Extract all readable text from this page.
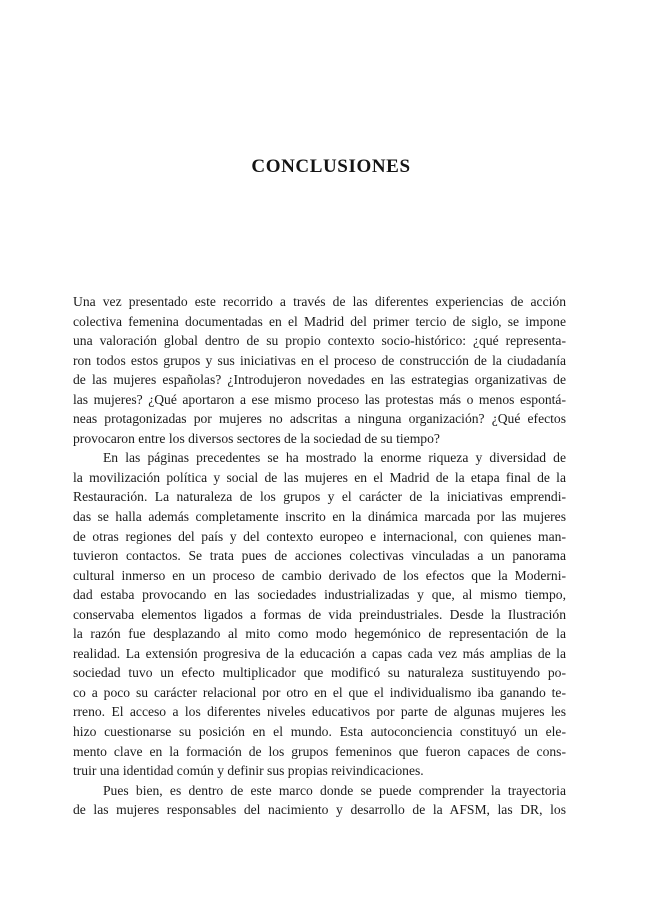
CONCLUSIONES

Una vez presentado este recorrido a través de las diferentes experiencias de acción
colectiva femenina documentadas en el Madrid del primer tercio de siglo, se impone
una valoración global dentro de su propio contexto socio-histórico: ¿qué representa-
ron todos estos grupos y sus iniciativas en el proceso de construcción de la ciudadanía
de las mujeres españolas? ¿Introdujeron novedades en las estrategias organizativas de
las mujeres? ¿Qué aportaron a ese mismo proceso las protestas más o menos espontá-
neas protagonizadas por mujeres no adscritas a ninguna organización? ¿Qué efectos
provocaron entre los diversos sectores de la sociedad de su tiempo?

En las páginas precedentes se ha mostrado la enorme riqueza y diversidad de
la movilización política y social de las mujeres en el Madrid de la etapa final de la
Restauración. La naturaleza de los grupos y el carácter de la iniciativas emprendi-
das se halla además completamente inscrito en la dinámica marcada por las mujeres
de otras regiones del país y del contexto europeo e internacional, con quienes man-
tuvieron contactos. Se trata pues de acciones colectivas vinculadas a un panorama
cultural inmerso en un proceso de cambio derivado de los efectos que la Moderni-
dad estaba provocando en las sociedades industrializadas y que, al mismo tiempo,
conservaba elementos ligados a formas de vida preindustriales. Desde la Ilustración
la razón fue desplazando al mito como modo hegemónico de representación de la
realidad. La extensión progresiva de la educación a capas cada vez más amplias de la
sociedad tuvo un efecto multiplicador que modificó su naturaleza sustituyendo po-
co a poco su carácter relacional por otro en el que el individualismo iba ganando te-
rreno. El acceso a los diferentes niveles educativos por parte de algunas mujeres les
hizo cuestionarse su posición en el mundo. Esta autoconciencia constituyó un ele-
mento clave en la formación de los grupos femeninos que fueron capaces de cons-
truir una identidad común y definir sus propias reivindicaciones.

Pues bien, es dentro de este marco donde se puede comprender la trayectoria
de las mujeres responsables del nacimiento y desarrollo de la AFSM, las DR, los
